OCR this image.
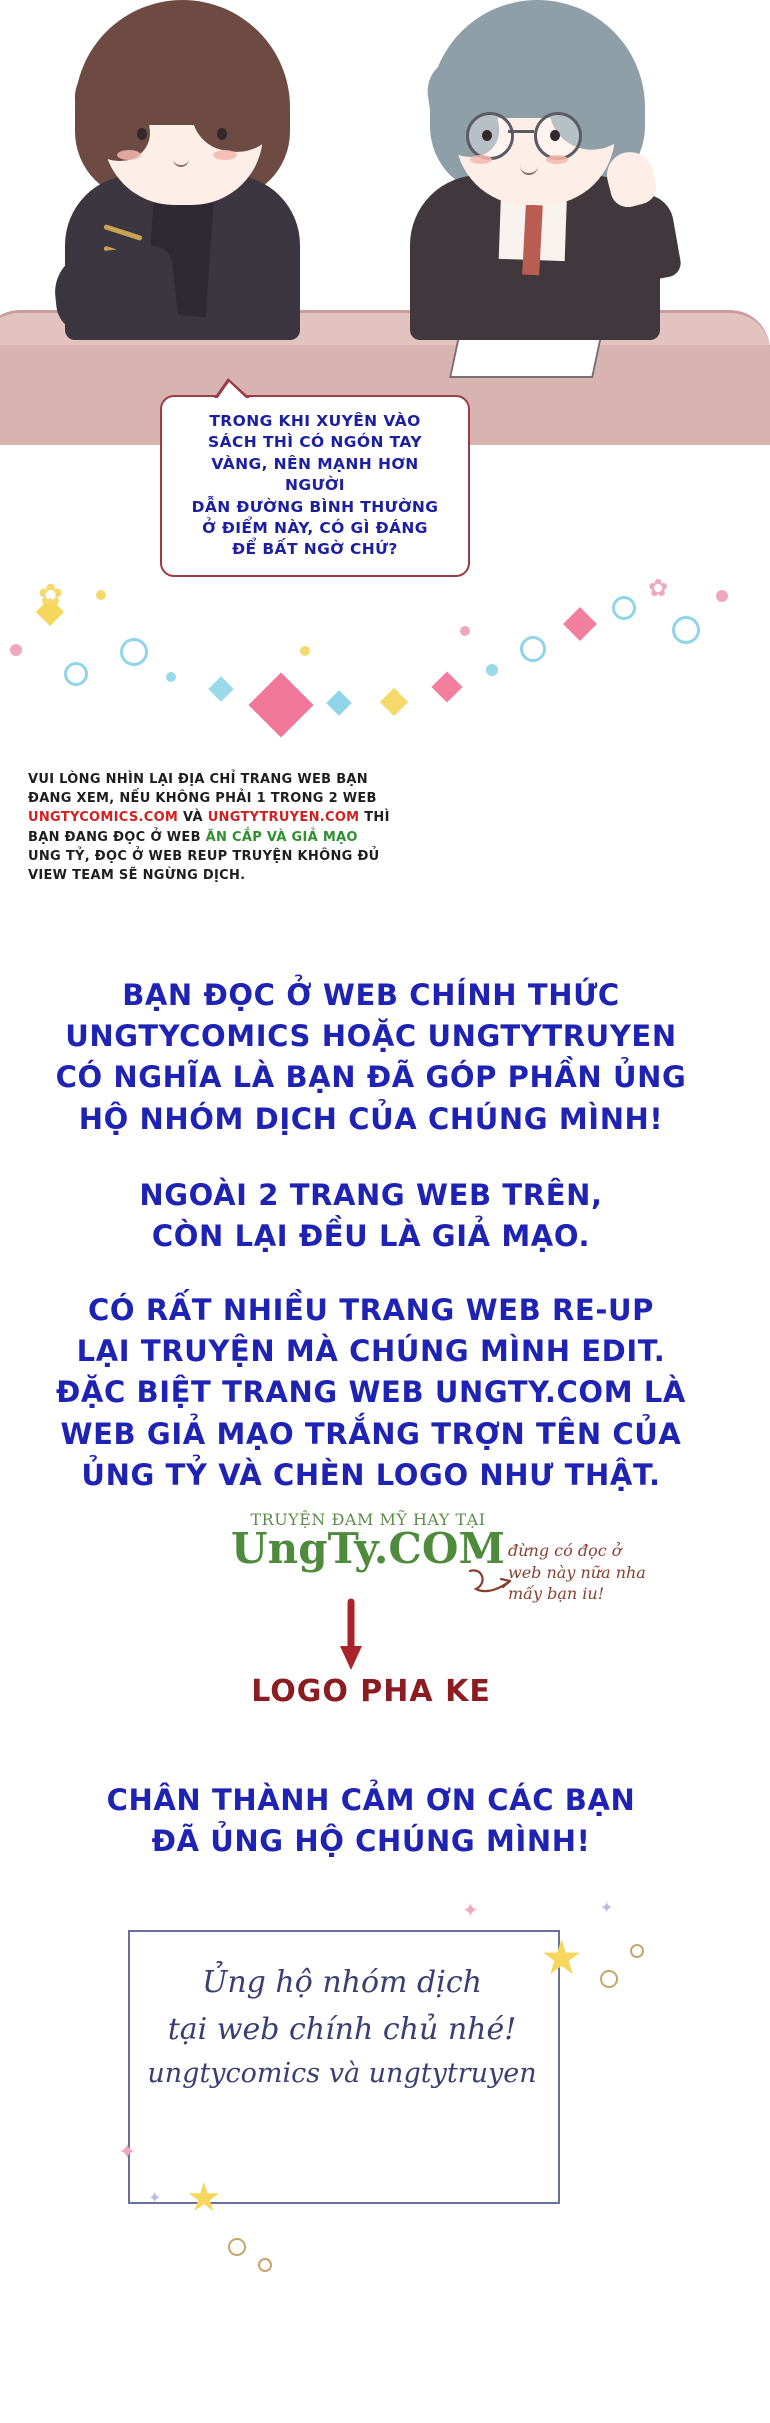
TRONG KHI XUYÊN VÀO

SÁCH THÌ CÓ NGÓN TAY

VÀNG, NÊN MẠNH HƠN NGƯỜI

DẪN ĐƯỜNG BÌNH THƯỜNG

Ở ĐIỂM NÀY, CÓ GÌ ĐÁNG

ĐỂ BẤT NGỜ CHỨ?

✿	✿
VUI LÒNG NHÌN LẠI ĐỊA CHỈ TRANG WEB BẠN
ĐANG XEM, NẾU KHÔNG PHẢI 1 TRONG 2 WEB
UNGTYCOMICS.COM VÀ UNGTYTRUYEN.COM THÌ
BẠN ĐANG ĐỌC Ở WEB ĂN CẮP VÀ GIẢ MẠO
UNG TỶ, ĐỌC Ở WEB REUP TRUYỆN KHÔNG ĐỦ
VIEW TEAM SẼ NGỪNG DỊCH.
BẠN ĐỌC Ở WEB CHÍNH THỨC
UNGTYCOMICS HOẶC UNGTYTRUYEN
CÓ NGHĨA LÀ BẠN ĐÃ GÓP PHẦN ỦNG
HỘ NHÓM DỊCH CỦA CHÚNG MÌNH!
NGOÀI 2 TRANG WEB TRÊN,
CÒN LẠI ĐỀU LÀ GIẢ MẠO.
CÓ RẤT NHIỀU TRANG WEB RE-UP
LẠI TRUYỆN MÀ CHÚNG MÌNH EDIT.
ĐẶC BIỆT TRANG WEB UNGTY.COM LÀ
WEB GIẢ MẠO TRẮNG TRỢN TÊN CỦA
ỦNG TỶ VÀ CHÈN LOGO NHƯ THẬT.
TRUYỆN ĐAM MỸ HAY TẠI
UngTy.COM đừng có đọc ở
web này nữa nha
mấy bạn iu!
LOGO PHA KE
CHÂN THÀNH CẢM ƠN CÁC BẠN
ĐÃ ỦNG HỘ CHÚNG MÌNH!
Ủng hộ nhóm dịch
tại web chính chủ nhé!
ungtycomics và ungtytruyen
★
✦	✦
★
✦
✦
